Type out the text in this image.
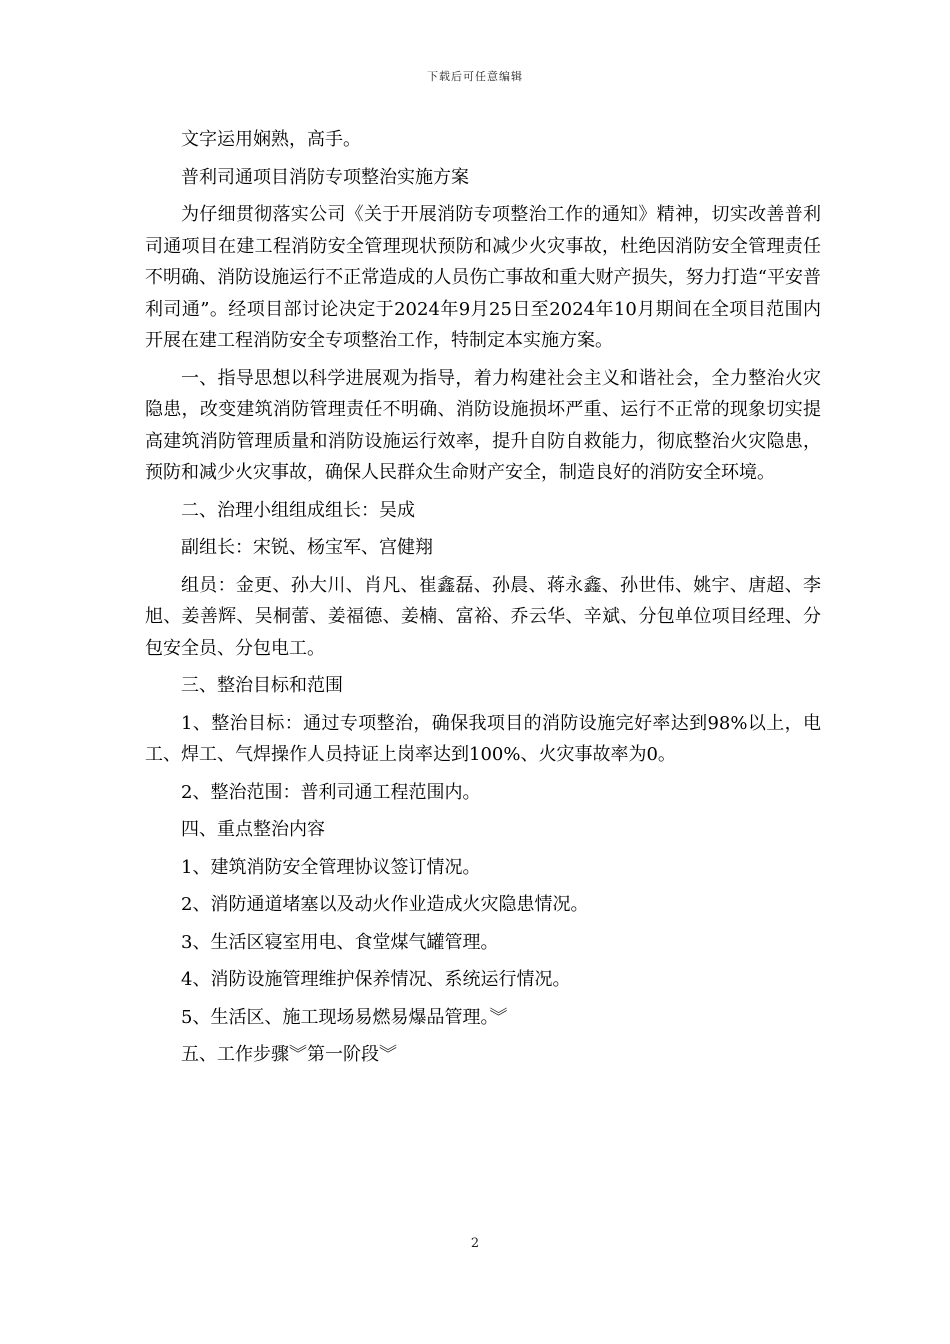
下载后可任意编辑

文字运用娴熟，高手。

普利司通项目消防专项整治实施方案

为仔细贯彻落实公司《关于开展消防专项整治工作的通知》精神，切实改善普利司通项目在建工程消防安全管理现状预防和减少火灾事故，杜绝因消防安全管理责任不明确、消防设施运行不正常造成的人员伤亡事故和重大财产损失，努力打造“平安普利司通”。经项目部讨论决定于2024年9月25日至2024年10月期间在全项目范围内开展在建工程消防安全专项整治工作，特制定本实施方案。

一、指导思想以科学进展观为指导，着力构建社会主义和谐社会，全力整治火灾隐患，改变建筑消防管理责任不明确、消防设施损坏严重、运行不正常的现象切实提高建筑消防管理质量和消防设施运行效率，提升自防自救能力，彻底整治火灾隐患，预防和减少火灾事故，确保人民群众生命财产安全，制造良好的消防安全环境。

二、治理小组组成组长：吴成

副组长：宋锐、杨宝军、宫健翔

组员：金更、孙大川、肖凡、崔鑫磊、孙晨、蒋永鑫、孙世伟、姚宇、唐超、李旭、姜善辉、吴桐蕾、姜福德、姜楠、富裕、乔云华、辛斌、分包单位项目经理、分包安全员、分包电工。

三、整治目标和范围

1、整治目标：通过专项整治，确保我项目的消防设施完好率达到98%以上，电工、焊工、气焊操作人员持证上岗率达到100%、火灾事故率为0。

2、整治范围：普利司通工程范围内。

四、重点整治内容

1、建筑消防安全管理协议签订情况。

2、消防通道堵塞以及动火作业造成火灾隐患情况。

3、生活区寝室用电、食堂煤气罐管理。

4、消防设施管理维护保养情况、系统运行情况。

5、生活区、施工现场易燃易爆品管理。︾

五、工作步骤︾第一阶段︾

2
